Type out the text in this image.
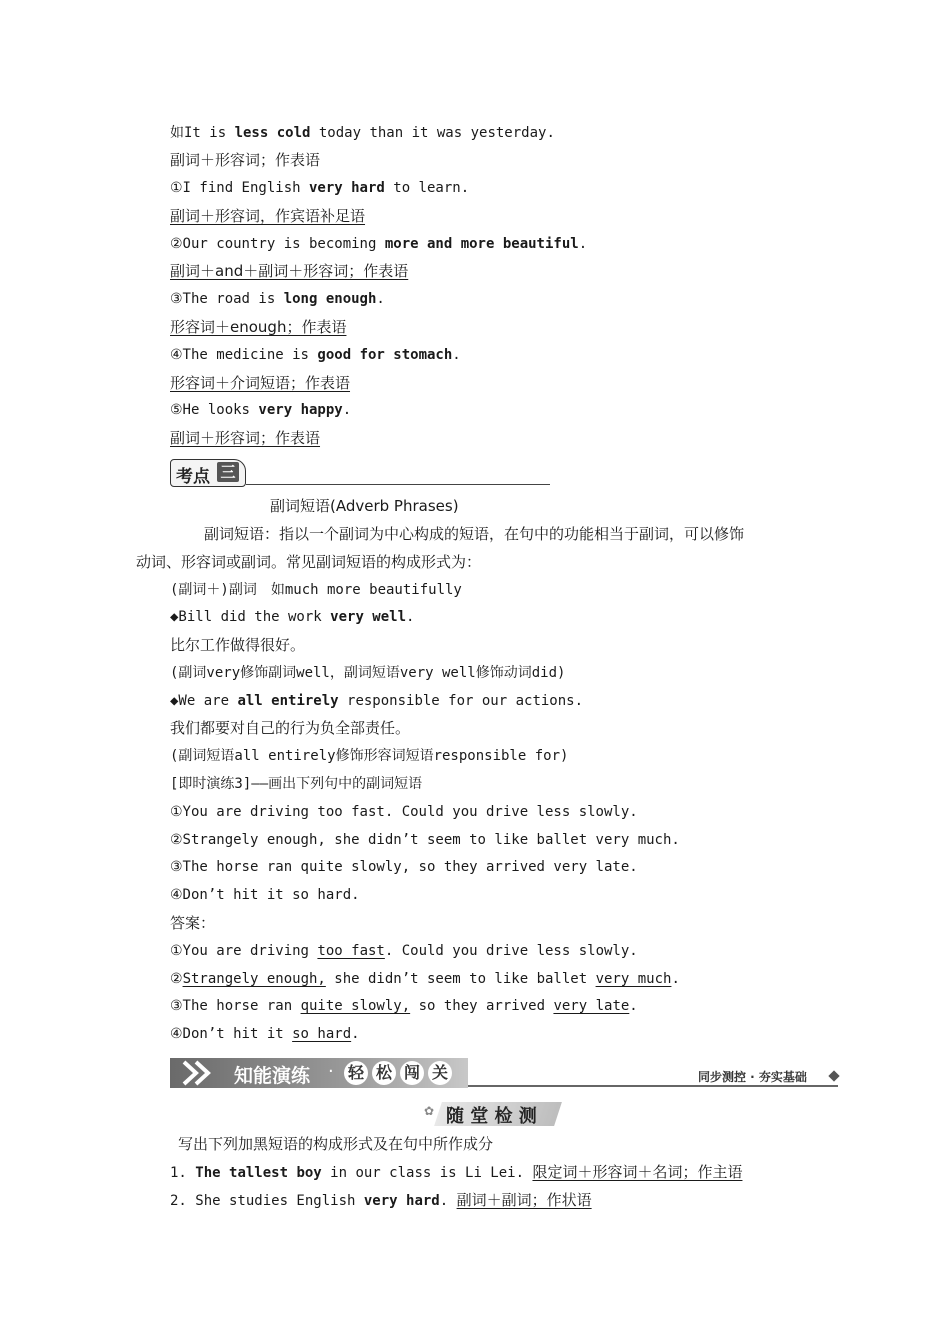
如It is less cold today than it was yesterday.
副词＋形容词；作表语
①I find English very hard to learn.
副词＋形容词，作宾语补足语
②Our country is becoming more and more beautiful.
副词＋and＋副词＋形容词；作表语
③The road is long enough.
形容词＋enough；作表语
④The medicine is good for stomach.
形容词＋介词短语；作表语
⑤He looks very happy.
副词＋形容词；作表语
考点 三
副词短语(Adverb Phrases)
副词短语：指以一个副词为中心构成的短语，在句中的功能相当于副词，可以修饰
动词、形容词或副词。常见副词短语的构成形式为：
(副词＋)副词　如much more beautifully
◆Bill did the work very well.
比尔工作做得很好。
(副词very修饰副词well，副词短语very well修饰动词did)
◆We are all entirely responsible for our actions.
我们都要对自己的行为负全部责任。
(副词短语all entirely修饰形容词短语responsible for)
[即时演练3]——画出下列句中的副词短语
①You are driving too fast. Could you drive less slowly.
②Strangely enough, she didn’t seem to like ballet very much.
③The horse ran quite slowly, so they arrived very late.
④Don’t hit it so hard.
答案：
①You are driving too fast. Could you drive less slowly.
②Strangely enough, she didn’t seem to like ballet very much.
③The horse ran quite slowly, so they arrived very late.
④Don’t hit it so hard.
知能演练 · 轻 松 闯 关	同步测控 · 夯实基础
✿ 随 堂 检 测
写出下列加黑短语的构成形式及在句中所作成分
1. The tallest boy in our class is Li Lei. 限定词＋形容词＋名词；作主语
2. She studies English very hard. 副词＋副词；作状语
